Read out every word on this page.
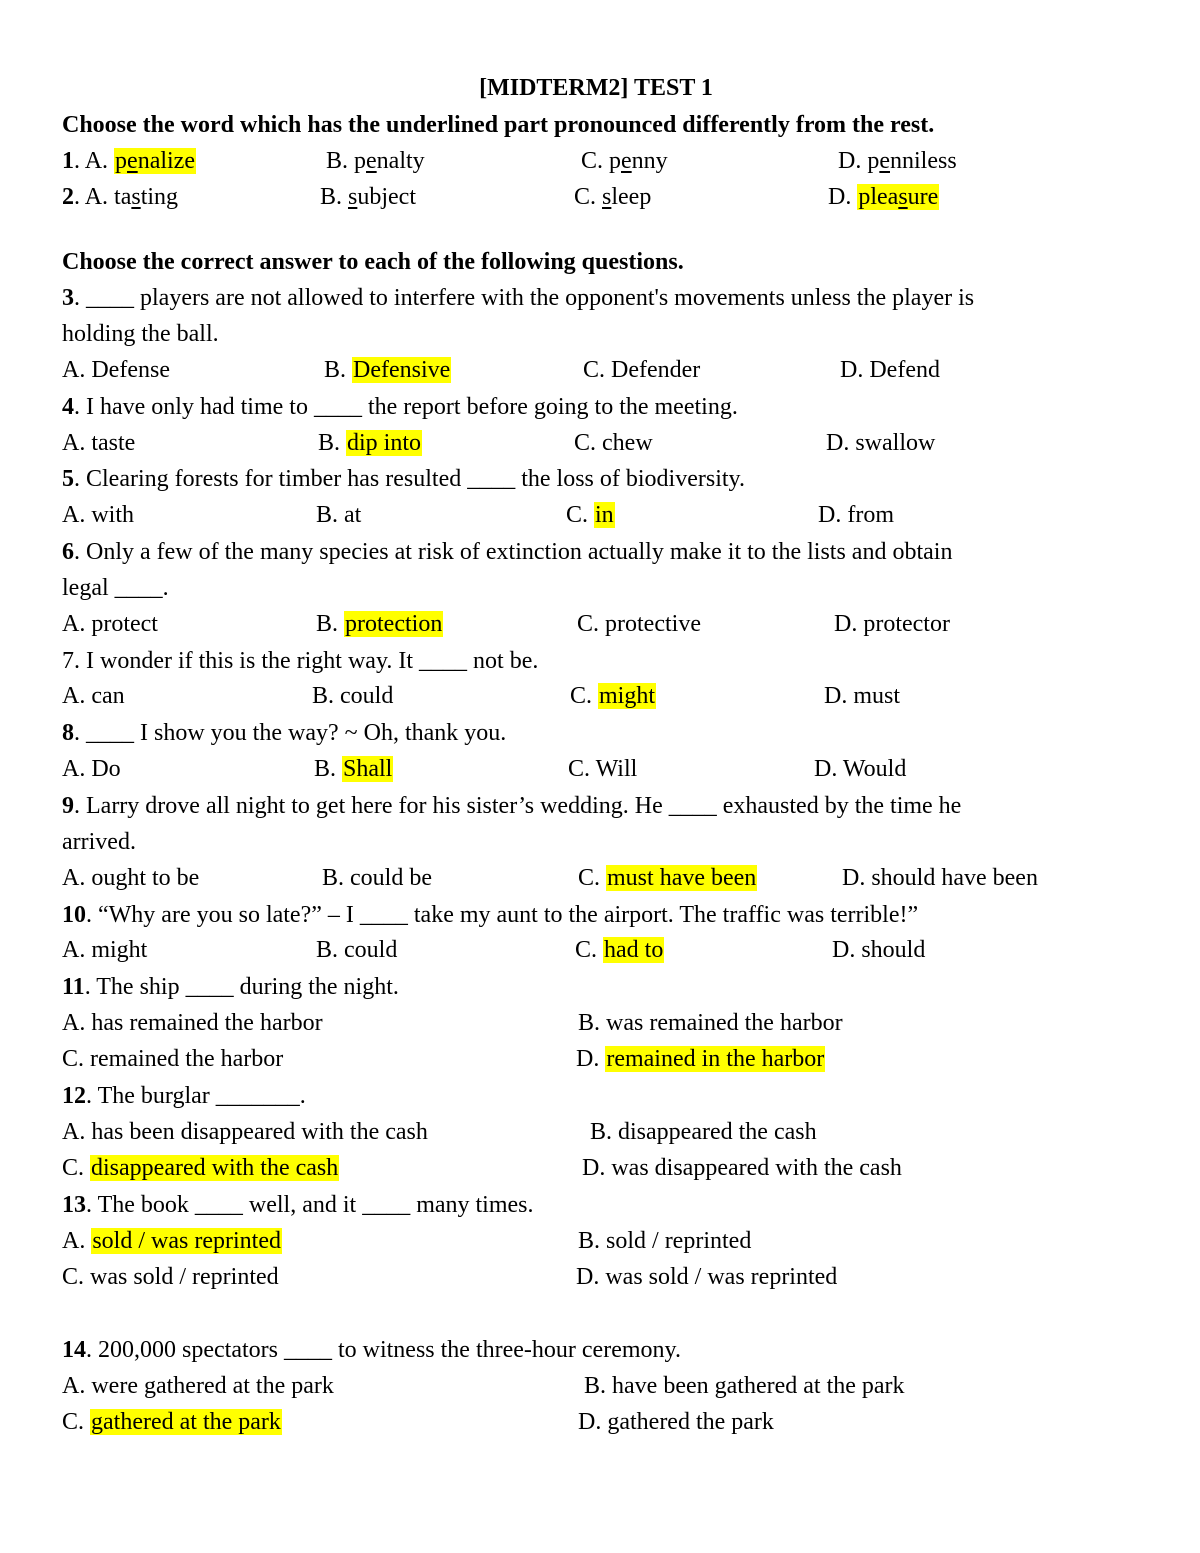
[MIDTERM2] TEST 1
Choose the word which has the underlined part pronounced differently from the rest.
1. A. penalize	B. penalty	C. penny	D. penniless
2. A. tasting	B. subject	C. sleep	D. pleasure
Choose the correct answer to each of the following questions.
3. ____ players are not allowed to interfere with the opponent's movements unless the player is
holding the ball.
A. Defense	B. Defensive	C. Defender	D. Defend
4. I have only had time to ____ the report before going to the meeting.
A. taste	B. dip into	C. chew	D. swallow
5. Clearing forests for timber has resulted ____ the loss of biodiversity.
A. with	B. at	C. in	D. from
6. Only a few of the many species at risk of extinction actually make it to the lists and obtain
legal ____.
A. protect	B. protection	C. protective	D. protector
7. I wonder if this is the right way. It ____ not be.
A. can	B. could	C. might	D. must
8. ____ I show you the way? ~ Oh, thank you.
A. Do	B. Shall	C. Will	D. Would
9. Larry drove all night to get here for his sister’s wedding. He ____ exhausted by the time he
arrived.
A. ought to be	B. could be	C. must have been	D. should have been
10. “Why are you so late?” – I ____ take my aunt to the airport. The traffic was terrible!”
A. might	B. could	C. had to	D. should
11. The ship ____ during the night.
A. has remained the harbor	B. was remained the harbor
C. remained the harbor	D. remained in the harbor
12. The burglar _______.
A. has been disappeared with the cash	B. disappeared the cash
C. disappeared with the cash	D. was disappeared with the cash
13. The book ____ well, and it ____ many times.
A. sold / was reprinted	B. sold / reprinted
C. was sold / reprinted	D. was sold / was reprinted
14. 200,000 spectators ____ to witness the three-hour ceremony.
A. were gathered at the park	B. have been gathered at the park
C. gathered at the park	D. gathered the park
